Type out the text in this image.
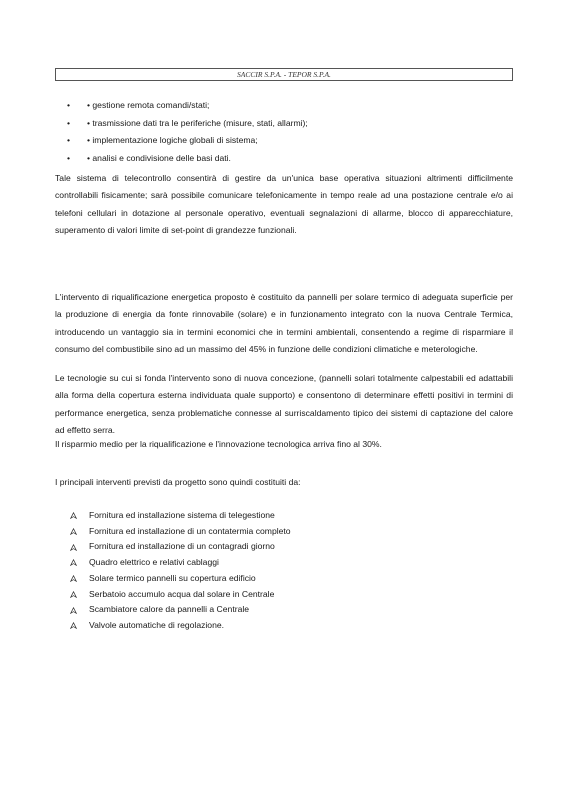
SACCIR S.P.A. - TEPOR S.P.A.
•	• gestione remota comandi/stati;
•	• trasmissione dati tra le periferiche (misure, stati, allarmi);
•	• implementazione logiche globali di sistema;
•	• analisi e condivisione delle basi dati.

Tale sistema di telecontrollo consentirà di gestire da un'unica base operativa situazioni altrimenti difficilmente controllabili fisicamente; sarà possibile comunicare telefonicamente in tempo reale ad una postazione centrale e/o ai telefoni cellulari in dotazione al personale operativo, eventuali segnalazioni di allarme, blocco di apparecchiature, superamento di valori limite di set-point di grandezze funzionali.

L'intervento di riqualificazione energetica proposto è costituito da pannelli per solare termico di adeguata superficie per la produzione di energia da fonte rinnovabile (solare) e in funzionamento integrato con la nuova Centrale Termica, introducendo un vantaggio sia in termini economici che in termini ambientali, consentendo a regime di risparmiare il consumo del combustibile sino ad un massimo del 45% in funzione delle condizioni climatiche e meterologiche.

Le tecnologie su cui si fonda l'intervento sono di nuova concezione, (pannelli solari totalmente calpestabili ed adattabili alla forma della copertura esterna individuata quale supporto) e consentono di determinare effetti positivi in termini di performance energetica, senza problematiche connesse al surriscaldamento tipico dei sistemi di captazione del calore ad effetto serra.

Il risparmio medio per la riqualificazione e l'innovazione tecnologica arriva fino al 30%.

I principali interventi previsti da progetto sono quindi costituiti da:

Fornitura ed installazione sistema di telegestione
Fornitura ed installazione di un contatermia completo
Fornitura ed installazione di un contagradi giorno
Quadro elettrico e relativi cablaggi
Solare termico pannelli su copertura edificio
Serbatoio accumulo acqua dal solare in Centrale
Scambiatore calore da pannelli a Centrale
Valvole automatiche di regolazione.
